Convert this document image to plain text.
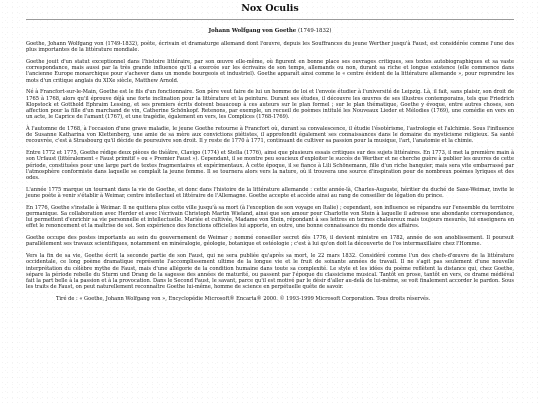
Nox Oculis
Johann Wolfgang von Goethe (1749-1832)

Goethe, Johann Wolfgang von (1749-1832), poète, écrivain et dramaturge allemand dont l'œuvre, depuis les Souffrances du jeune Werther jusqu'à Faust, est considérée comme l'une des plus importantes de la littérature mondiale.

Goethe jouit d'un statut exceptionnel dans l'histoire littéraire, par son œuvre elle-même, où figurent en bonne place ses ouvrages critiques, ses textes autobiographiques et sa vaste correspondance, mais aussi par la très grande influence qu'il a exercée sur les écrivains de son temps, allemands ou non, durant sa riche et longue existence (elle commence dans l'ancienne Europe monarchique pour s'achever dans un monde bourgeois et industriel). Goethe apparaît ainsi comme le « centre évident de la littérature allemande », pour reprendre les mots d'un critique anglais du XIXe siècle, Matthew Arnold.

Né à Francfort-sur-le-Main, Goethe est le fils d'un fonctionnaire. Son père veut faire de lui un homme de loi et l'envoie étudier à l'université de Leipzig. Là, il fait, sans plaisir, son droit de 1765 à 1768, alors qu'il éprouve déjà une forte inclination pour la littérature et la peinture. Durant ses études, il découvre les œuvres de ses illustres contemporains, tels que Friedrich Klopstock et Gotthold Ephraim Lessing, et ses premiers écrits doivent beaucoup à ces auteurs sur le plan formel ; sur le plan thématique, Goethe y évoque, entre autres choses, son affection pour la fille d'un marchand de vin, Catherine Schönkopf. Retenons, par exemple, un recueil de poèmes intitulé les Nouveaux Lieder et Mélodies (1769), une comédie en vers en un acte, le Caprice de l'amant (1767), et une tragédie, également en vers, les Complices (1768-1769).

À l'automne de 1768, à l'occasion d'une grave maladie, le jeune Goethe retourne à Francfort où, durant sa convalescence, il étudie l'ésotérisme, l'astrologie et l'alchimie. Sous l'influence de Susanne Katharina von Klettenberg, une amie de sa mère aux convictions piétistes, il approfondit également ses connaissances dans le domaine du mysticisme religieux. Sa santé recouvrée, c'est à Strasbourg qu'il décide de poursuivre son droit. Il y reste de 1770 à 1771, continuant de cultiver sa passion pour la musique, l'art, l'anatomie et la chimie.

Entre 1772 et 1775, Goethe rédige deux pièces de théâtre, Clavigo (1774) et Stella (1776), ainsi que plusieurs essais critiques sur des sujets littéraires. En 1773, il met la première main à son Urfaust (littéralement « Faust primitif » ou « Premier Faust »). Cependant, il se montre peu soucieux d'exploiter le succès de Werther et ne cherche guère à publier les œuvres de cette période, constituées pour une large part de textes fragmentaires et expérimentaux. À cette époque, il se fiance à Lili Schönemann, fille d'un riche banquier, mais sera vite embarrassé par l'atmosphère conformiste dans laquelle se complaît la jeune femme. Il se tournera alors vers la nature, où il trouvera une source d'inspiration pour de nombreux poèmes lyriques et des odes.

L'année 1775 marque un tournant dans la vie de Goethe, et donc dans l'histoire de la littérature allemande : cette année-là, Charles-Auguste, héritier du duché de Saxe-Weimar, invite le jeune poète à venir s'établir à Weimar, centre intellectuel et littéraire de l'Allemagne. Goethe accepte et accède ainsi au rang de conseiller de légation du prince.

En 1776, Goethe s'installe à Weimar. Il ne quittera plus cette ville jusqu'à sa mort (à l'exception de son voyage en Italie) ; cependant, son influence se répandra sur l'ensemble du territoire germanique. Sa collaboration avec Herder et avec l'écrivain Christoph Martin Wieland, ainsi que son amour pour Charlotte von Stein à laquelle il adresse une abondante correspondance, lui permettent d'enrichir sa vie personnelle et intellectuelle. Mariée et cultivée, Madame von Stein, répondant à ses lettres en termes chaleureux mais toujours mesurés, lui enseignera en effet le renoncement et la maîtrise de soi. Son expérience des fonctions officielles lui apporte, en outre, une bonne connaissance du monde des affaires.

Goethe occupe des postes importants au sein du gouvernement de Weimar ; nommé conseiller secret dès 1776, il devient ministre en 1782, année de son anoblissement. Il poursuit parallèlement ses travaux scientifiques, notamment en minéralogie, géologie, botanique et ostéologie ; c'est à lui qu'on doit la découverte de l'os intermaxillaire chez l'Homme.

Vers la fin de sa vie, Goethe écrit la seconde partie de son Faust, qui ne sera publiée qu'après sa mort, le 22 mars 1832. Considéré comme l'un des chefs-d'œuvre de la littérature occidentale, ce long poème dramatique représente l'accomplissement ultime de la longue vie et le fruit de soixante années de travail. Il ne s'agit pas seulement d'une nouvelle interprétation du célèbre mythe de Faust, mais d'une allégorie de la condition humaine dans toute sa complexité. Le style et les idées du poème reflètent la distance qui, chez Goethe, sépare la période rebelle du Sturm und Drang de la sagesse des années de maturité, ou passent par l'époque du classicisme musical. Tantôt en prose, tantôt en vers, ce drame médiéval fait la part belle à la passion et à la provocation. Dans le Second Faust, le savant, parce qu'il est motivé par le désir d'aller au-delà de lui-même, se voit finalement accorder le pardon. Sous les traits de Faust, on peut naturellement reconnaître Goethe lui-même, homme de science en perpétuelle quête de savoir.

Tiré de : « Goethe, Johann Wolfgang von », Encyclopédie Microsoft® Encarta® 2000. © 1993-1999 Microsoft Corporation. Tous droits réservés.
